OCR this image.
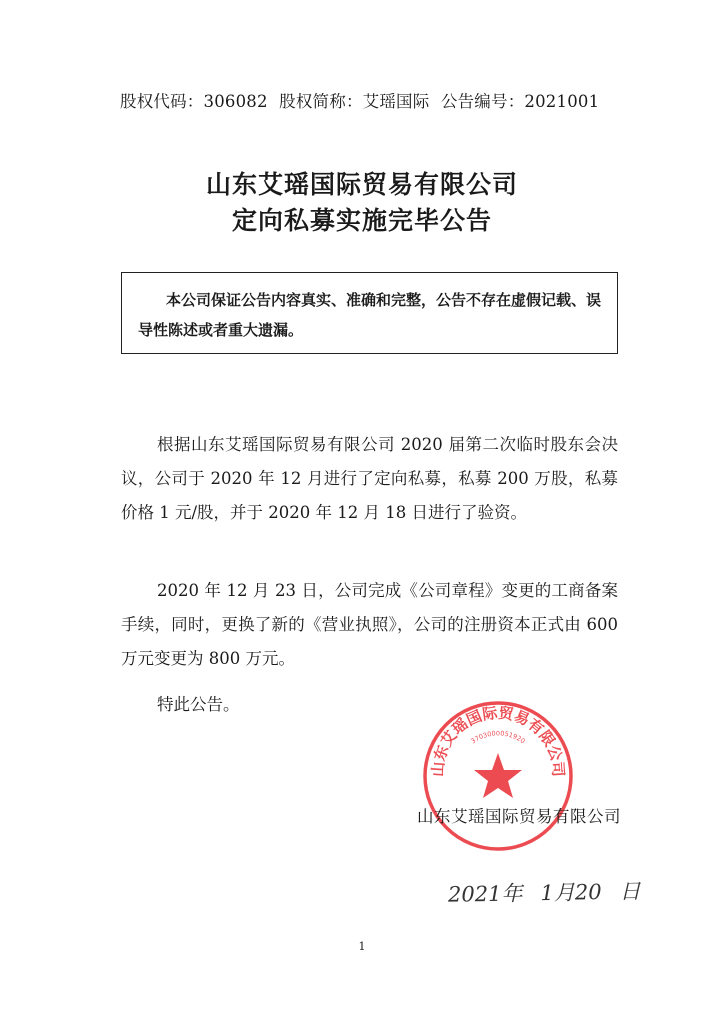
股权代码：306082 股权简称：艾瑶国际 公告编号：2021001
山东艾瑶国际贸易有限公司
定向私募实施完毕公告
本公司保证公告内容真实、准确和完整，公告不存在虚假记载、误导性陈述或者重大遗漏。
根据山东艾瑶国际贸易有限公司 2020 届第二次临时股东会决议，公司于 2020 年 12 月进行了定向私募，私募 200 万股，私募价格 1 元/股，并于 2020 年 12 月 18 日进行了验资。
2020 年 12 月 23 日，公司完成《公司章程》变更的工商备案手续，同时，更换了新的《营业执照》，公司的注册资本正式由 600 万元变更为 800 万元。
特此公告。
山东艾瑶国际贸易有限公司
3703000051920
山东艾瑶国际贸易有限公司
2021年 1月20 日
1
